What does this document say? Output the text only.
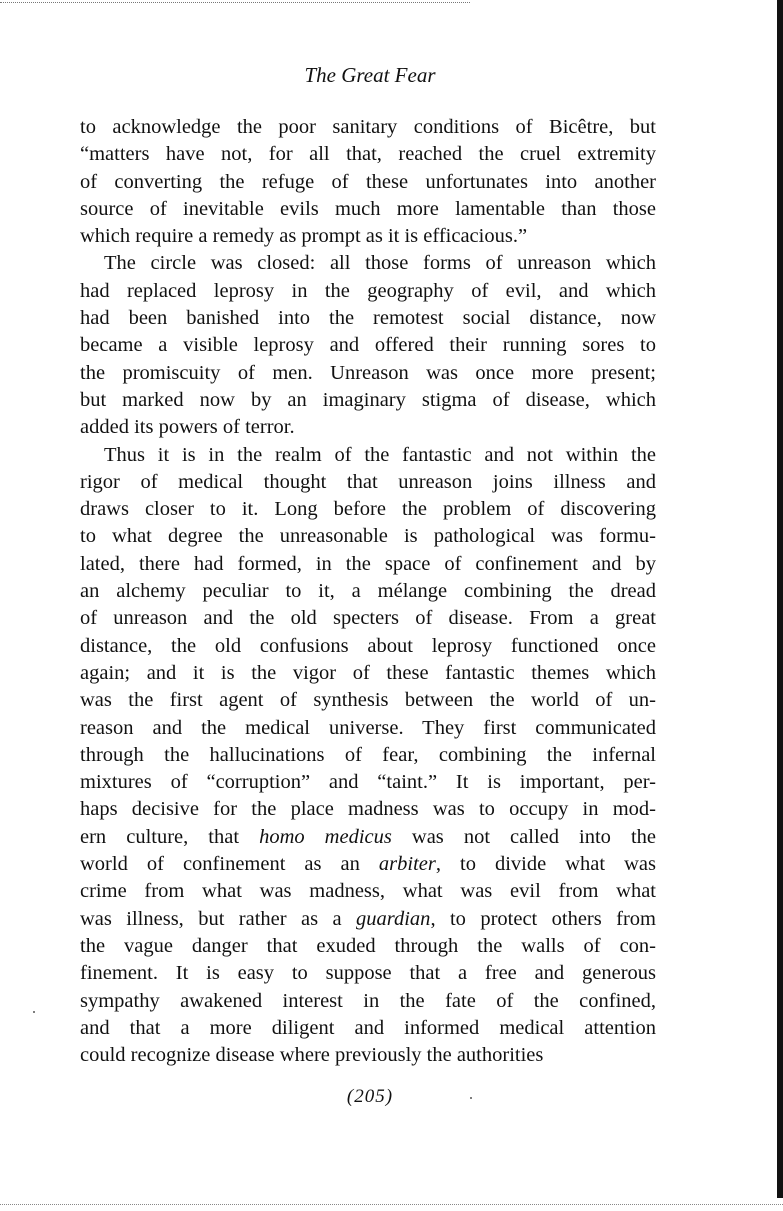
The Great Fear

to acknowledge the poor sanitary conditions of Bicêtre, but
“matters have not, for all that, reached the cruel extremity
of converting the refuge of these unfortunates into another
source of inevitable evils much more lamentable than those
which require a remedy as prompt as it is efficacious.”

The circle was closed: all those forms of unreason which
had replaced leprosy in the geography of evil, and which
had been banished into the remotest social distance, now
became a visible leprosy and offered their running sores to
the promiscuity of men. Unreason was once more present;
but marked now by an imaginary stigma of disease, which
added its powers of terror.

Thus it is in the realm of the fantastic and not within the
rigor of medical thought that unreason joins illness and
draws closer to it. Long before the problem of discovering
to what degree the unreasonable is pathological was formu-
lated, there had formed, in the space of confinement and by
an alchemy peculiar to it, a mélange combining the dread
of unreason and the old specters of disease. From a great
distance, the old confusions about leprosy functioned once
again; and it is the vigor of these fantastic themes which
was the first agent of synthesis between the world of un-
reason and the medical universe. They first communicated
through the hallucinations of fear, combining the infernal
mixtures of “corruption” and “taint.” It is important, per-
haps decisive for the place madness was to occupy in mod-
ern culture, that homo medicus was not called into the
world of confinement as an arbiter, to divide what was
crime from what was madness, what was evil from what
was illness, but rather as a guardian, to protect others from
the vague danger that exuded through the walls of con-
finement. It is easy to suppose that a free and generous
sympathy awakened interest in the fate of the confined,
and that a more diligent and informed medical attention
could recognize disease where previously the authorities

(205)
